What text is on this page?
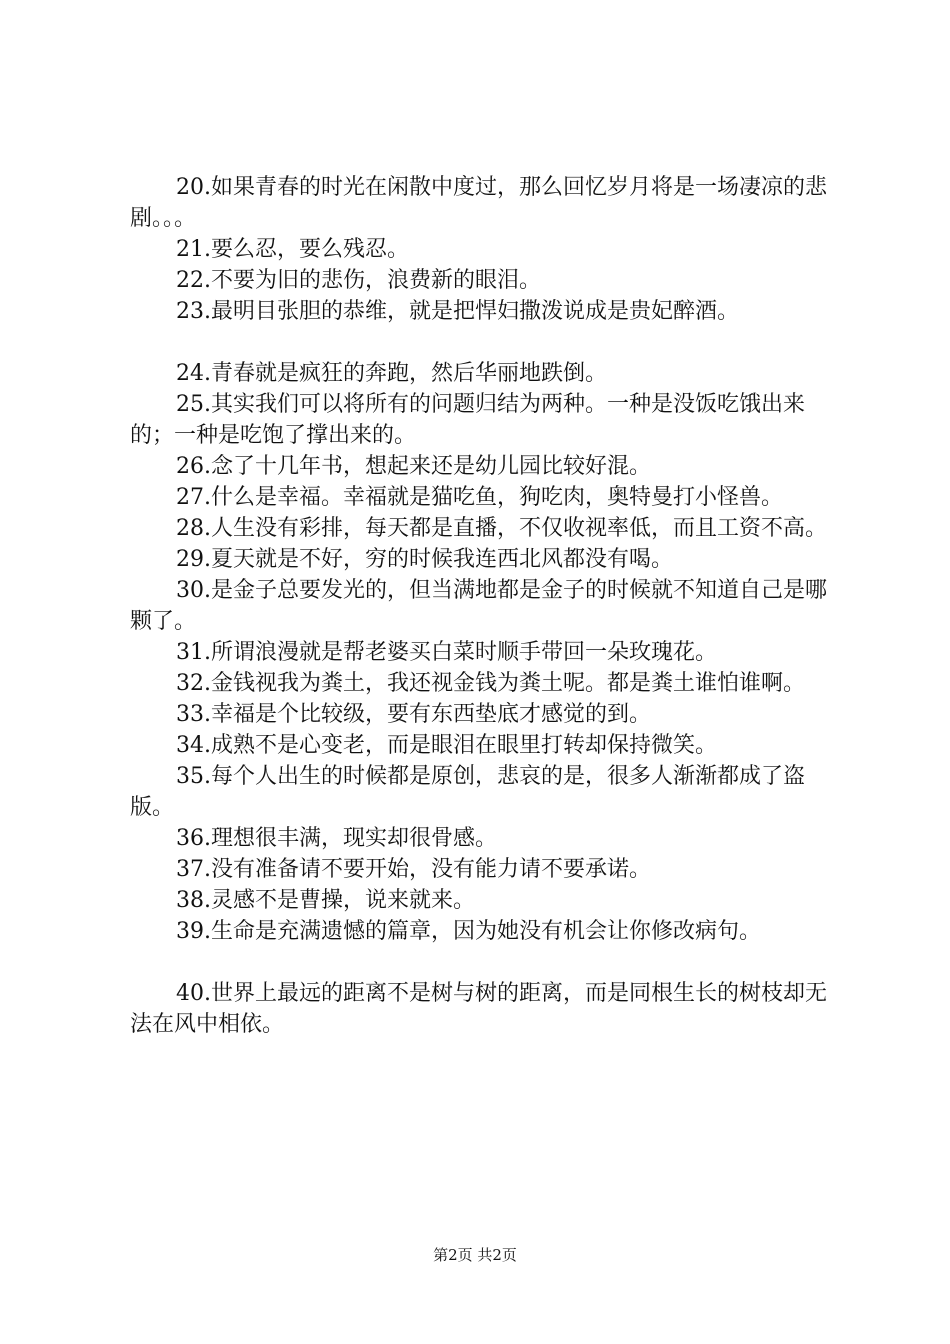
20.如果青春的时光在闲散中度过，那么回忆岁月将是一场凄凉的悲剧。。。

21.要么忍，要么残忍。

22.不要为旧的悲伤，浪费新的眼泪。

23.最明目张胆的恭维，就是把悍妇撒泼说成是贵妃醉酒。

24.青春就是疯狂的奔跑，然后华丽地跌倒。

25.其实我们可以将所有的问题归结为两种。一种是没饭吃饿出来的；一种是吃饱了撑出来的。

26.念了十几年书，想起来还是幼儿园比较好混。

27.什么是幸福。幸福就是猫吃鱼，狗吃肉，奥特曼打小怪兽。

28.人生没有彩排，每天都是直播，不仅收视率低，而且工资不高。

29.夏天就是不好，穷的时候我连西北风都没有喝。

30.是金子总要发光的，但当满地都是金子的时候就不知道自己是哪颗了。

31.所谓浪漫就是帮老婆买白菜时顺手带回一朵玫瑰花。

32.金钱视我为粪土，我还视金钱为粪土呢。都是粪土谁怕谁啊。

33.幸福是个比较级，要有东西垫底才感觉的到。

34.成熟不是心变老，而是眼泪在眼里打转却保持微笑。

35.每个人出生的时候都是原创，悲哀的是，很多人渐渐都成了盗版。

36.理想很丰满，现实却很骨感。

37.没有准备请不要开始，没有能力请不要承诺。

38.灵感不是曹操，说来就来。

39.生命是充满遗憾的篇章，因为她没有机会让你修改病句。

40.世界上最远的距离不是树与树的距离，而是同根生长的树枝却无法在风中相依。

第2页 共2页
